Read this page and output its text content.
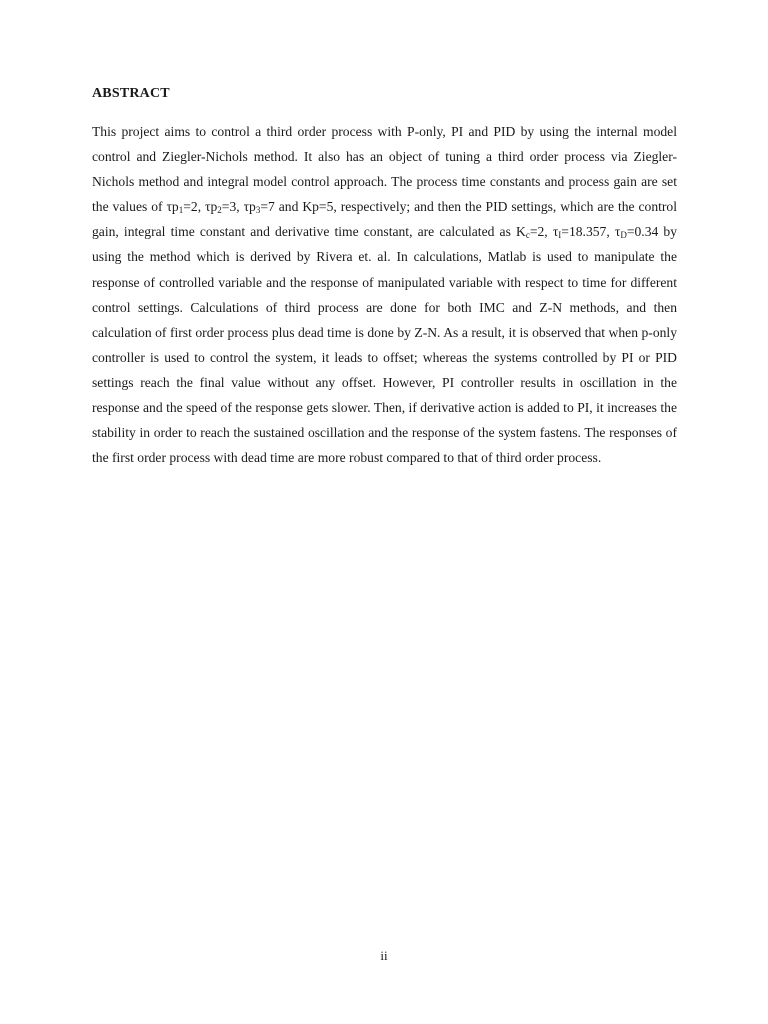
ABSTRACT

This project aims to control a third order process with P-only, PI and PID by using the internal model control and Ziegler-Nichols method. It also has an object of tuning a third order process via Ziegler-Nichols method and integral model control approach. The process time constants and process gain are set the values of $\tau p_1=2$, $\tau p_2=3$, $\tau p_3=7$ and Kp=5, respectively; and then the PID settings, which are the control gain, integral time constant and derivative time constant, are calculated as $K_c=2$, $\tau_I=18.357$, $\tau_D=0.34$ by using the method which is derived by Rivera et. al. In calculations, Matlab is used to manipulate the response of controlled variable and the response of manipulated variable with respect to time for different control settings. Calculations of third process are done for both IMC and Z-N methods, and then calculation of first order process plus dead time is done by Z-N. As a result, it is observed that when p-only controller is used to control the system, it leads to offset; whereas the systems controlled by PI or PID settings reach the final value without any offset. However, PI controller results in oscillation in the response and the speed of the response gets slower. Then, if derivative action is added to PI, it increases the stability in order to reach the sustained oscillation and the response of the system fastens. The responses of the first order process with dead time are more robust compared to that of third order process.

ii
